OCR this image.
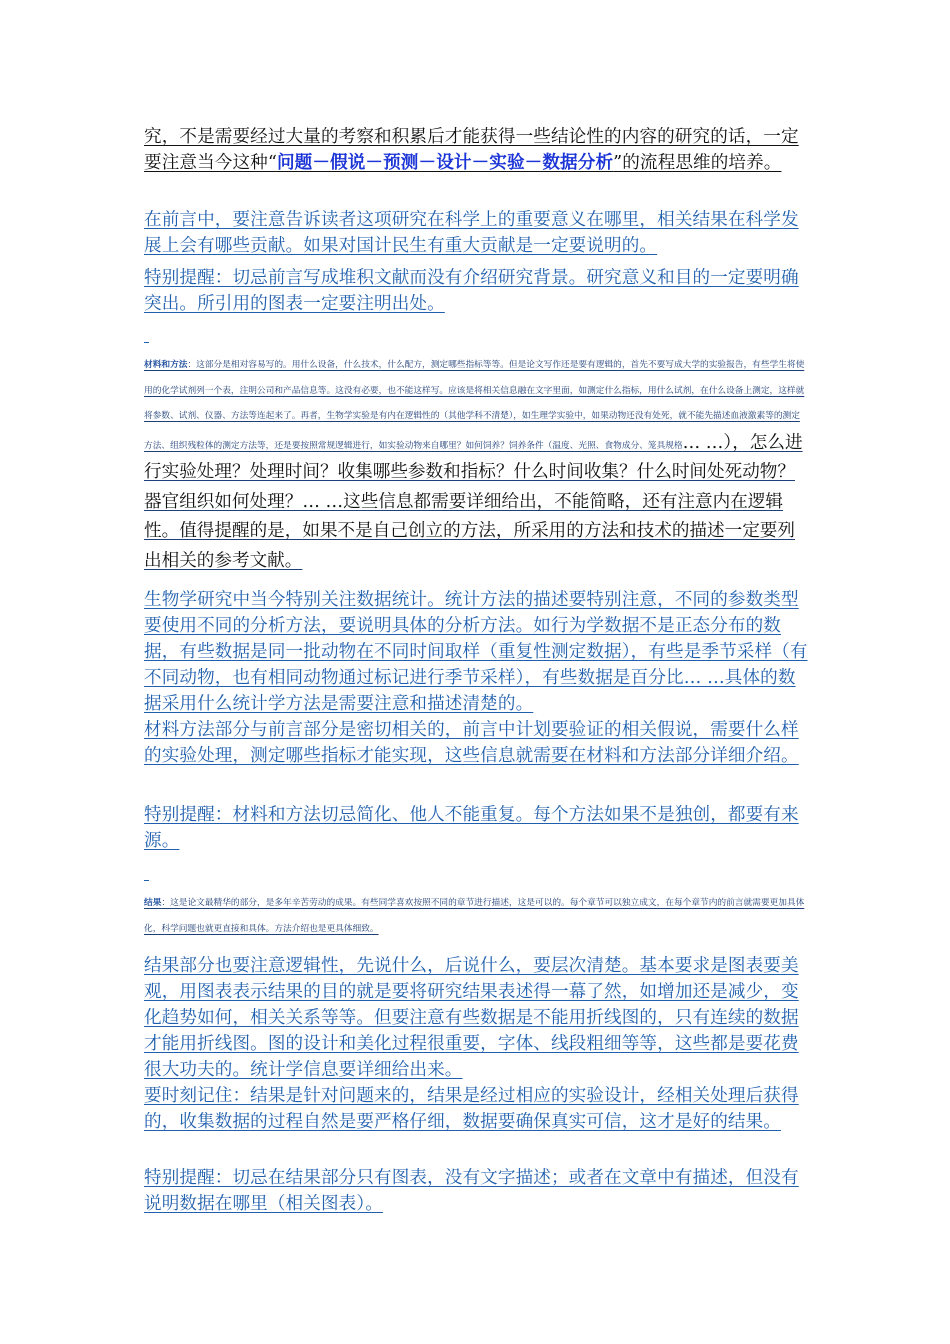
究，不是需要经过大量的考察和积累后才能获得一些结论性的内容的研究的话，一定要注意当今这种“问题－假说－预测－设计－实验－数据分析”的流程思维的培养。

在前言中，要注意告诉读者这项研究在科学上的重要意义在哪里，相关结果在科学发展上会有哪些贡献。如果对国计民生有重大贡献是一定要说明的。

特别提醒：切忌前言写成堆积文献而没有介绍研究背景。研究意义和目的一定要明确突出。所引用的图表一定要注明出处。

材料和方法：这部分是相对容易写的。用什么设备，什么技术，什么配方，测定哪些指标等等。但是论文写作还是要有逻辑的，首先不要写成大学的实验报告，有些学生将使用的化学试剂列一个表，注明公司和产品信息等。这没有必要，也不能这样写。应该是将相关信息融在文字里面，如测定什么指标，用什么试剂，在什么设备上测定，这样就将参数、试剂、仪器、方法等连起来了。再者，生物学实验是有内在逻辑性的（其他学科不清楚），如生理学实验中，如果动物还没有处死，就不能先描述血液激素等的测定方法、组织残粒体的测定方法等，还是要按照常规逻辑进行，如实验动物来自哪里？如何饲养？饲养条件（温度、光照、食物成分、笼具规格… …），怎么进行实验处理？处理时间？收集哪些参数和指标？什么时间收集？什么时间处死动物？器官组织如何处理？… …这些信息都需要详细给出，不能简略，还有注意内在逻辑性。值得提醒的是，如果不是自己创立的方法，所采用的方法和技术的描述一定要列出相关的参考文献。

生物学研究中当今特别关注数据统计。统计方法的描述要特别注意，不同的参数类型要使用不同的分析方法，要说明具体的分析方法。如行为学数据不是正态分布的数据，有些数据是同一批动物在不同时间取样（重复性测定数据），有些是季节采样（有不同动物，也有相同动物通过标记进行季节采样），有些数据是百分比… …具体的数据采用什么统计学方法是需要注意和描述清楚的。

材料方法部分与前言部分是密切相关的，前言中计划要验证的相关假说，需要什么样的实验处理，测定哪些指标才能实现，这些信息就需要在材料和方法部分详细介绍。

特别提醒：材料和方法切忌简化、他人不能重复。每个方法如果不是独创，都要有来源。

结果：这是论文最精华的部分，是多年辛苦劳动的成果。有些同学喜欢按照不同的章节进行描述，这是可以的。每个章节可以独立成文，在每个章节内的前言就需要更加具体化，科学问题也就更直接和具体。方法介绍也是更具体细致。

结果部分也要注意逻辑性，先说什么，后说什么，要层次清楚。基本要求是图表要美观，用图表表示结果的目的就是要将研究结果表述得一幕了然，如增加还是减少，变化趋势如何，相关关系等等。但要注意有些数据是不能用折线图的，只有连续的数据才能用折线图。图的设计和美化过程很重要，字体、线段粗细等等，这些都是要花费很大功夫的。统计学信息要详细给出来。

要时刻记住：结果是针对问题来的，结果是经过相应的实验设计，经相关处理后获得的，收集数据的过程自然是要严格仔细，数据要确保真实可信，这才是好的结果。

特别提醒：切忌在结果部分只有图表，没有文字描述；或者在文章中有描述，但没有说明数据在哪里（相关图表）。
